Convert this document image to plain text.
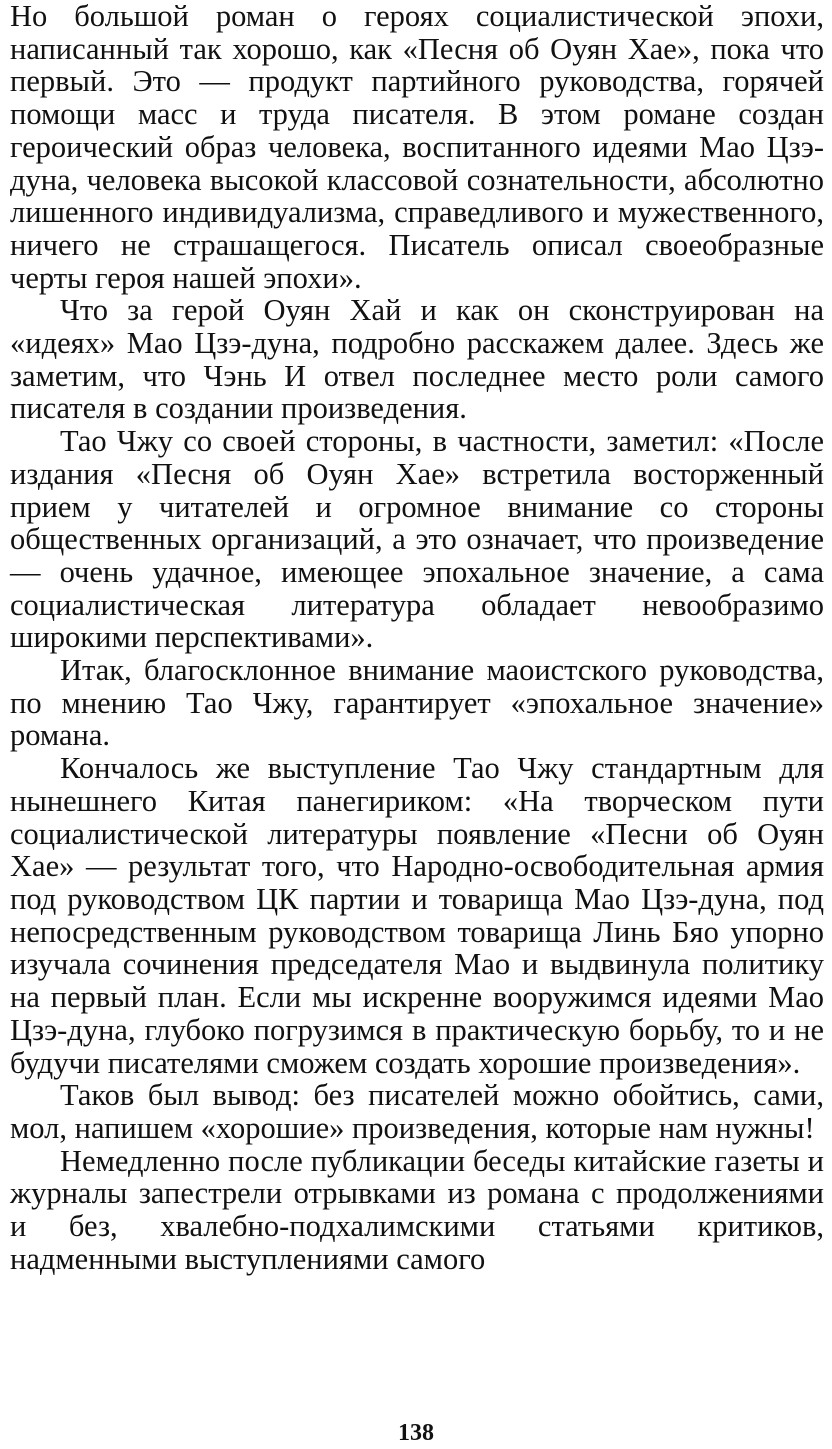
Но большой роман о героях социалистической эпохи, написанный так хорошо, как «Песня об Оуян Хае», пока что первый. Это — продукт партийного руководства, горячей помощи масс и труда писателя. В этом романе создан героический образ человека, воспитанного идеями Мао Цзэ-дуна, человека высокой классовой сознательности, абсолютно лишенного индивидуализма, справедливого и мужественного, ничего не страшащегося. Писатель описал своеобразные черты героя нашей эпохи».

Что за герой Оуян Хай и как он сконструирован на «идеях» Мао Цзэ-дуна, подробно расскажем далее. Здесь же заметим, что Чэнь И отвел последнее место роли самого писателя в создании произведения.

Тао Чжу со своей стороны, в частности, заметил: «После издания «Песня об Оуян Хае» встретила восторженный прием у читателей и огромное внимание со стороны общественных организаций, а это означает, что произведение — очень удачное, имеющее эпохальное значение, а сама социалистическая литература обладает невообразимо широкими перспективами».

Итак, благосклонное внимание маоистского руководства, по мнению Тао Чжу, гарантирует «эпохальное значение» романа.

Кончалось же выступление Тао Чжу стандартным для нынешнего Китая панегириком: «На творческом пути социалистической литературы появление «Песни об Оуян Хае» — результат того, что Народно-освободительная армия под руководством ЦК партии и товарища Мао Цзэ-дуна, под непосредственным руководством товарища Линь Бяо упорно изучала сочинения председателя Мао и выдвинула политику на первый план. Если мы искренне вооружимся идеями Мао Цзэ-дуна, глубоко погрузимся в практическую борьбу, то и не будучи писателями сможем создать хорошие произведения».

Таков был вывод: без писателей можно обойтись, сами, мол, напишем «хорошие» произведения, которые нам нужны!

Немедленно после публикации беседы китайские газеты и журналы запестрели отрывками из романа с продолжениями и без, хвалебно-подхалимскими статьями критиков, надменными выступлениями самого

138
